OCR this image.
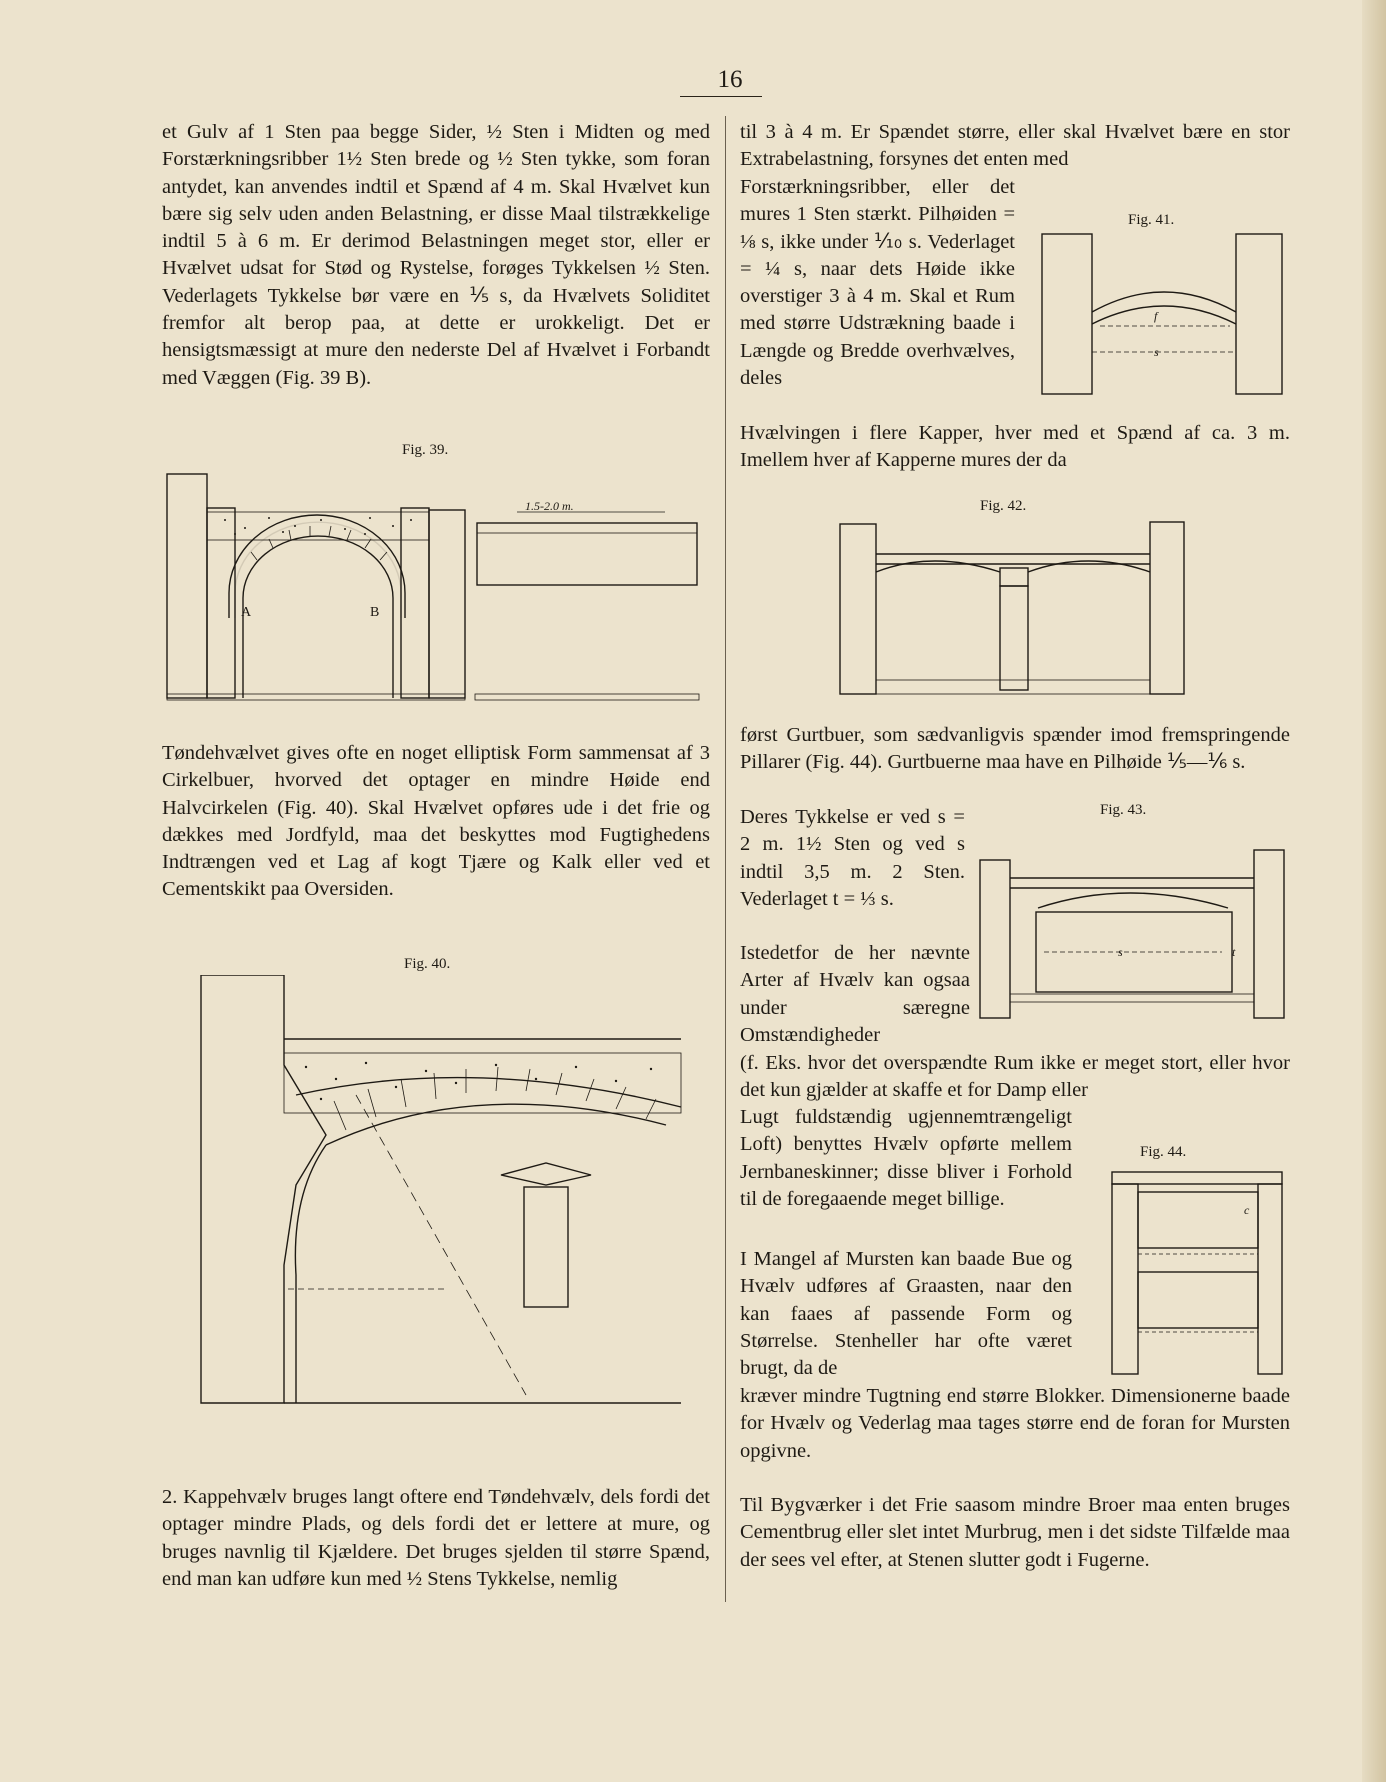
16

et Gulv af 1 Sten paa begge Sider, ½ Sten i Midten og med Forstærkningsribber 1½ Sten brede og ½ Sten tykke, som foran antydet, kan anvendes indtil et Spænd af 4 m. Skal Hvælvet kun bære sig selv uden anden Belastning, er disse Maal tilstrækkelige indtil 5 à 6 m. Er derimod Belastningen meget stor, eller er Hvælvet udsat for Stød og Rystelse, forøges Tykkelsen ½ Sten. Vederlagets Tykkelse bør være en ⅕ s, da Hvælvets Soliditet fremfor alt berор paa, at dette er urokkeligt. Det er hensigtsmæssigt at mure den nederste Del af Hvælvet i Forbandt med Væggen (Fig. 39 B).

Fig. 39.
A	B
1.5-2.0 m.

Tøndehvælvet gives ofte en noget elliptisk Form sammensat af 3 Cirkelbuer, hvorved det optager en mindre Høide end Halvcirkelen (Fig. 40). Skal Hvælvet opføres ude i det frie og dækkes med Jordfyld, maa det beskyttes mod Fugtighedens Indtrængen ved et Lag af kogt Tjære og Kalk eller ved et Cementskikt paa Oversiden.

Fig. 40.

2. Kappehvælv bruges langt oftere end Tøndehvælv, dels fordi det optager mindre Plads, og dels fordi det er lettere at mure, og bruges navnlig til Kjældere. Det bruges sjelden til større Spænd, end man kan udføre kun med ½ Stens Tykkelse, nemlig

til 3 à 4 m. Er Spændet større, eller skal Hvælvet bære en stor Extrabelastning, forsynes det enten med

Forstærkningsribber, eller det mures 1 Sten stærkt. Pilhøiden = ⅛ s, ikke under ⅒ s. Vederlaget = ¼ s, naar dets Høide ikke overstiger 3 à 4 m. Skal et Rum med større Udstrækning baade i Længde og Bredde overhvælves, deles

Fig. 41.
f
s

Hvælvingen i flere Kapper, hver med et Spænd af ca. 3 m. Imellem hver af Kapperne mures der da

Fig. 42.

først Gurtbuer, som sædvanligvis spænder imod fremspringende Pillarer (Fig. 44). Gurtbuerne maa have en Pilhøide ⅕—⅙ s.

Deres Tykkelse er ved s = 2 m. 1½ Sten og ved s indtil 3,5 m. 2 Sten. Vederlaget t = ⅓ s.

Fig. 43.
s	t

Istedetfor de her nævnte Arter af Hvælv kan ogsaa under særegne Omstændigheder

(f. Eks. hvor det overspændte Rum ikke er meget stort, eller hvor det kun gjælder at skaffe et for Damp eller

Lugt fuldstændig ugjennemtrængeligt Loft) benyttes Hvælv opførte mellem Jernbaneskinner; disse bliver i Forhold til de foregaaende meget billige.

Fig. 44.
c

I Mangel af Mursten kan baade Bue og Hvælv udføres af Graasten, naar den kan faaes af passende Form og Størrelse. Stenheller har ofte været brugt, da de

kræver mindre Tugtning end større Blokker. Dimensionerne baade for Hvælv og Vederlag maa tages større end de foran for Mursten opgivne.

Til Bygværker i det Frie saasom mindre Broer maa enten bruges Cementbrug eller slet intet Murbrug, men i det sidste Tilfælde maa der sees vel efter, at Stenen slutter godt i Fugerne.
